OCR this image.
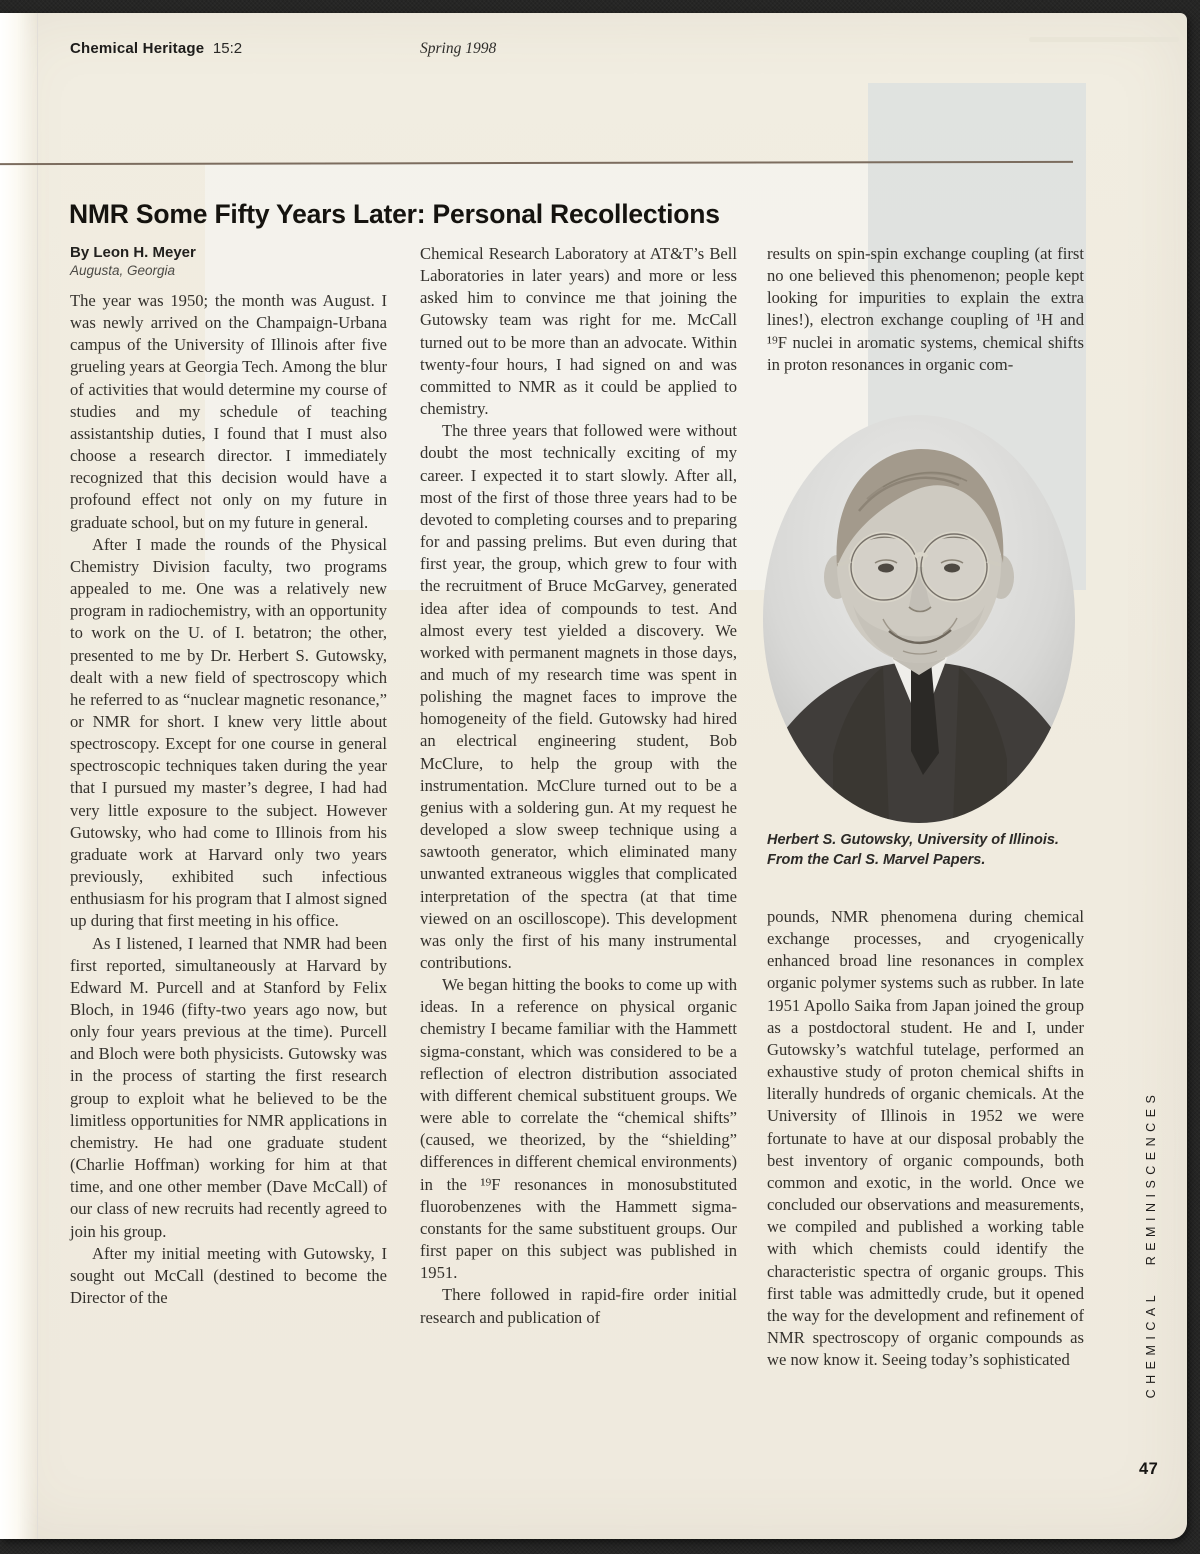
Chemical Heritage 15:2	Spring 1998
NMR Some Fifty Years Later: Personal Recollections
By Leon H. Meyer
Augusta, Georgia

The year was 1950; the month was August. I was newly arrived on the Champaign-Urbana campus of the University of Illinois after five grueling years at Georgia Tech. Among the blur of activities that would determine my course of studies and my schedule of teaching assistantship duties, I found that I must also choose a research director. I immediately recognized that this decision would have a profound effect not only on my future in graduate school, but on my future in general.

After I made the rounds of the Physical Chemistry Division faculty, two programs appealed to me. One was a relatively new program in radiochemistry, with an opportunity to work on the U. of I. betatron; the other, presented to me by Dr. Herbert S. Gutowsky, dealt with a new field of spectroscopy which he referred to as “nuclear magnetic resonance,” or NMR for short. I knew very little about spectroscopy. Except for one course in general spectroscopic techniques taken during the year that I pursued my master’s degree, I had had very little exposure to the subject. However Gutowsky, who had come to Illinois from his graduate work at Harvard only two years previously, exhibited such infectious enthusiasm for his program that I almost signed up during that first meeting in his office.

As I listened, I learned that NMR had been first reported, simultaneously at Harvard by Edward M. Purcell and at Stanford by Felix Bloch, in 1946 (fifty-two years ago now, but only four years previous at the time). Purcell and Bloch were both physicists. Gutowsky was in the process of starting the first research group to exploit what he believed to be the limitless opportunities for NMR applications in chemistry. He had one graduate student (Charlie Hoffman) working for him at that time, and one other member (Dave McCall) of our class of new recruits had recently agreed to join his group.

After my initial meeting with Gutowsky, I sought out McCall (destined to become the Director of the

Chemical Research Laboratory at AT&T’s Bell Laboratories in later years) and more or less asked him to convince me that joining the Gutowsky team was right for me. McCall turned out to be more than an advocate. Within twenty-four hours, I had signed on and was committed to NMR as it could be applied to chemistry.

The three years that followed were without doubt the most technically exciting of my career. I expected it to start slowly. After all, most of the first of those three years had to be devoted to completing courses and to preparing for and passing prelims. But even during that first year, the group, which grew to four with the recruitment of Bruce McGarvey, generated idea after idea of compounds to test. And almost every test yielded a discovery. We worked with permanent magnets in those days, and much of my research time was spent in polishing the magnet faces to improve the homogeneity of the field. Gutowsky had hired an electrical engineering student, Bob McClure, to help the group with the instrumentation. McClure turned out to be a genius with a soldering gun. At my request he developed a slow sweep technique using a sawtooth generator, which eliminated many unwanted extraneous wiggles that complicated interpretation of the spectra (at that time viewed on an oscilloscope). This development was only the first of his many instrumental contributions.

We began hitting the books to come up with ideas. In a reference on physical organic chemistry I became familiar with the Hammett sigma-constant, which was considered to be a reflection of electron distribution associated with different chemical substituent groups. We were able to correlate the “chemical shifts” (caused, we theorized, by the “shielding” differences in different chemical environments) in the ¹⁹F resonances in monosubstituted fluorobenzenes with the Hammett sigma-constants for the same substituent groups. Our first paper on this subject was published in 1951.

There followed in rapid-fire order initial research and publication of

results on spin-spin exchange coupling (at first no one believed this phenomenon; people kept looking for impurities to explain the extra lines!), electron exchange coupling of ¹H and ¹⁹F nuclei in aromatic systems, chemical shifts in proton resonances in organic com-

Herbert S. Gutowsky, University of Illinois.

From the Carl S. Marvel Papers.

pounds, NMR phenomena during chemical exchange processes, and cryogenically enhanced broad line resonances in complex organic polymer systems such as rubber. In late 1951 Apollo Saika from Japan joined the group as a postdoctoral student. He and I, under Gutowsky’s watchful tutelage, performed an exhaustive study of proton chemical shifts in literally hundreds of organic chemicals. At the University of Illinois in 1952 we were fortunate to have at our disposal probably the best inventory of organic compounds, both common and exotic, in the world. Once we concluded our observations and measurements, we compiled and published a working table with which chemists could identify the characteristic spectra of organic groups. This first table was admittedly crude, but it opened the way for the development and refinement of NMR spectroscopy of organic compounds as we now know it. Seeing today’s sophisticated	CHEMICAL REMINISCENCES
47
